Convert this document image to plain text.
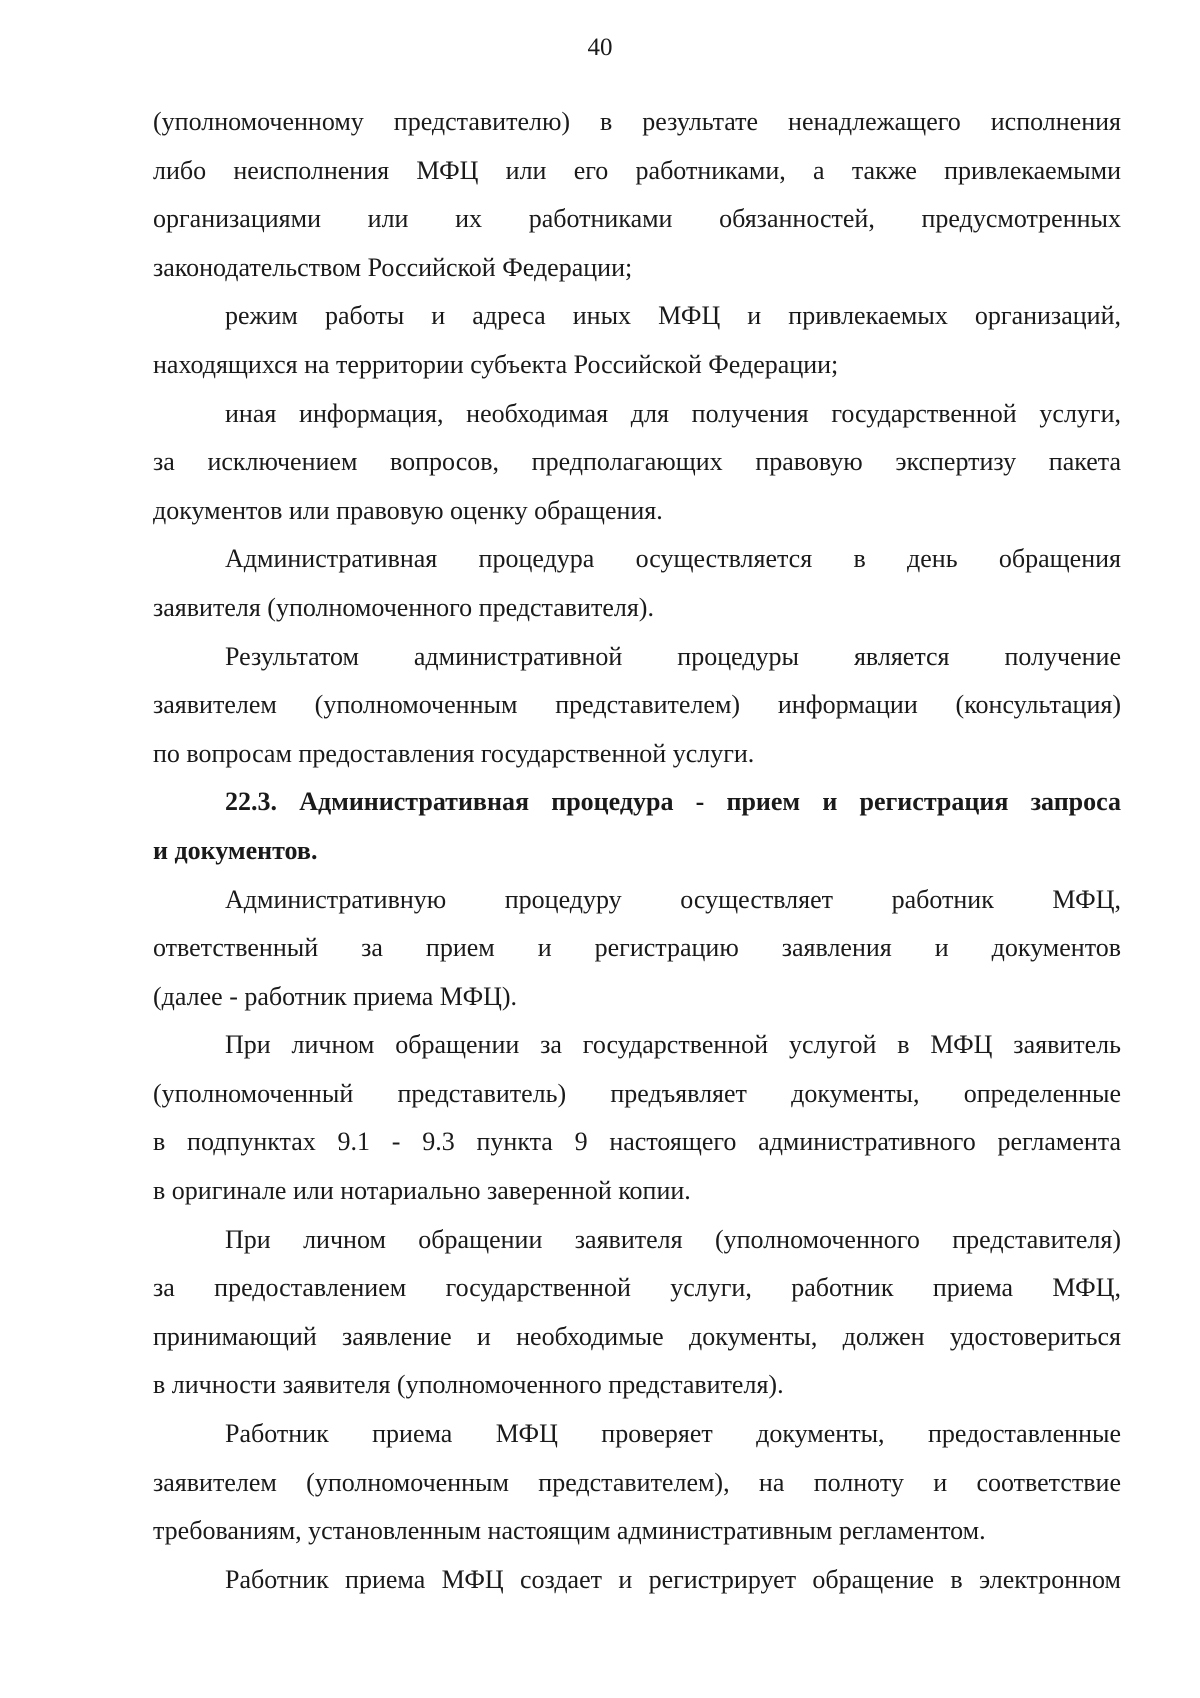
40
(уполномоченному представителю) в результате ненадлежащего исполнения
либо неисполнения МФЦ или его работниками, а также привлекаемыми
организациями или их работниками обязанностей, предусмотренных
законодательством Российской Федерации;
режим работы и адреса иных МФЦ и привлекаемых организаций,
находящихся на территории субъекта Российской Федерации;
иная информация, необходимая для получения государственной услуги,
за исключением вопросов, предполагающих правовую экспертизу пакета
документов или правовую оценку обращения.
Административная процедура осуществляется в день обращения
заявителя (уполномоченного представителя).
Результатом административной процедуры является получение
заявителем (уполномоченным представителем) информации (консультация)
по вопросам предоставления государственной услуги.
22.3. Административная процедура - прием и регистрация запроса
и документов.
Административную процедуру осуществляет работник МФЦ,
ответственный за прием и регистрацию заявления и документов
(далее - работник приема МФЦ).
При личном обращении за государственной услугой в МФЦ заявитель
(уполномоченный представитель) предъявляет документы, определенные
в подпунктах 9.1 - 9.3 пункта 9 настоящего административного регламента
в оригинале или нотариально заверенной копии.
При личном обращении заявителя (уполномоченного представителя)
за предоставлением государственной услуги, работник приема МФЦ,
принимающий заявление и необходимые документы, должен удостовериться
в личности заявителя (уполномоченного представителя).
Работник приема МФЦ проверяет документы, предоставленные
заявителем (уполномоченным представителем), на полноту и соответствие
требованиям, установленным настоящим административным регламентом.
Работник приема МФЦ создает и регистрирует обращение в электронном
